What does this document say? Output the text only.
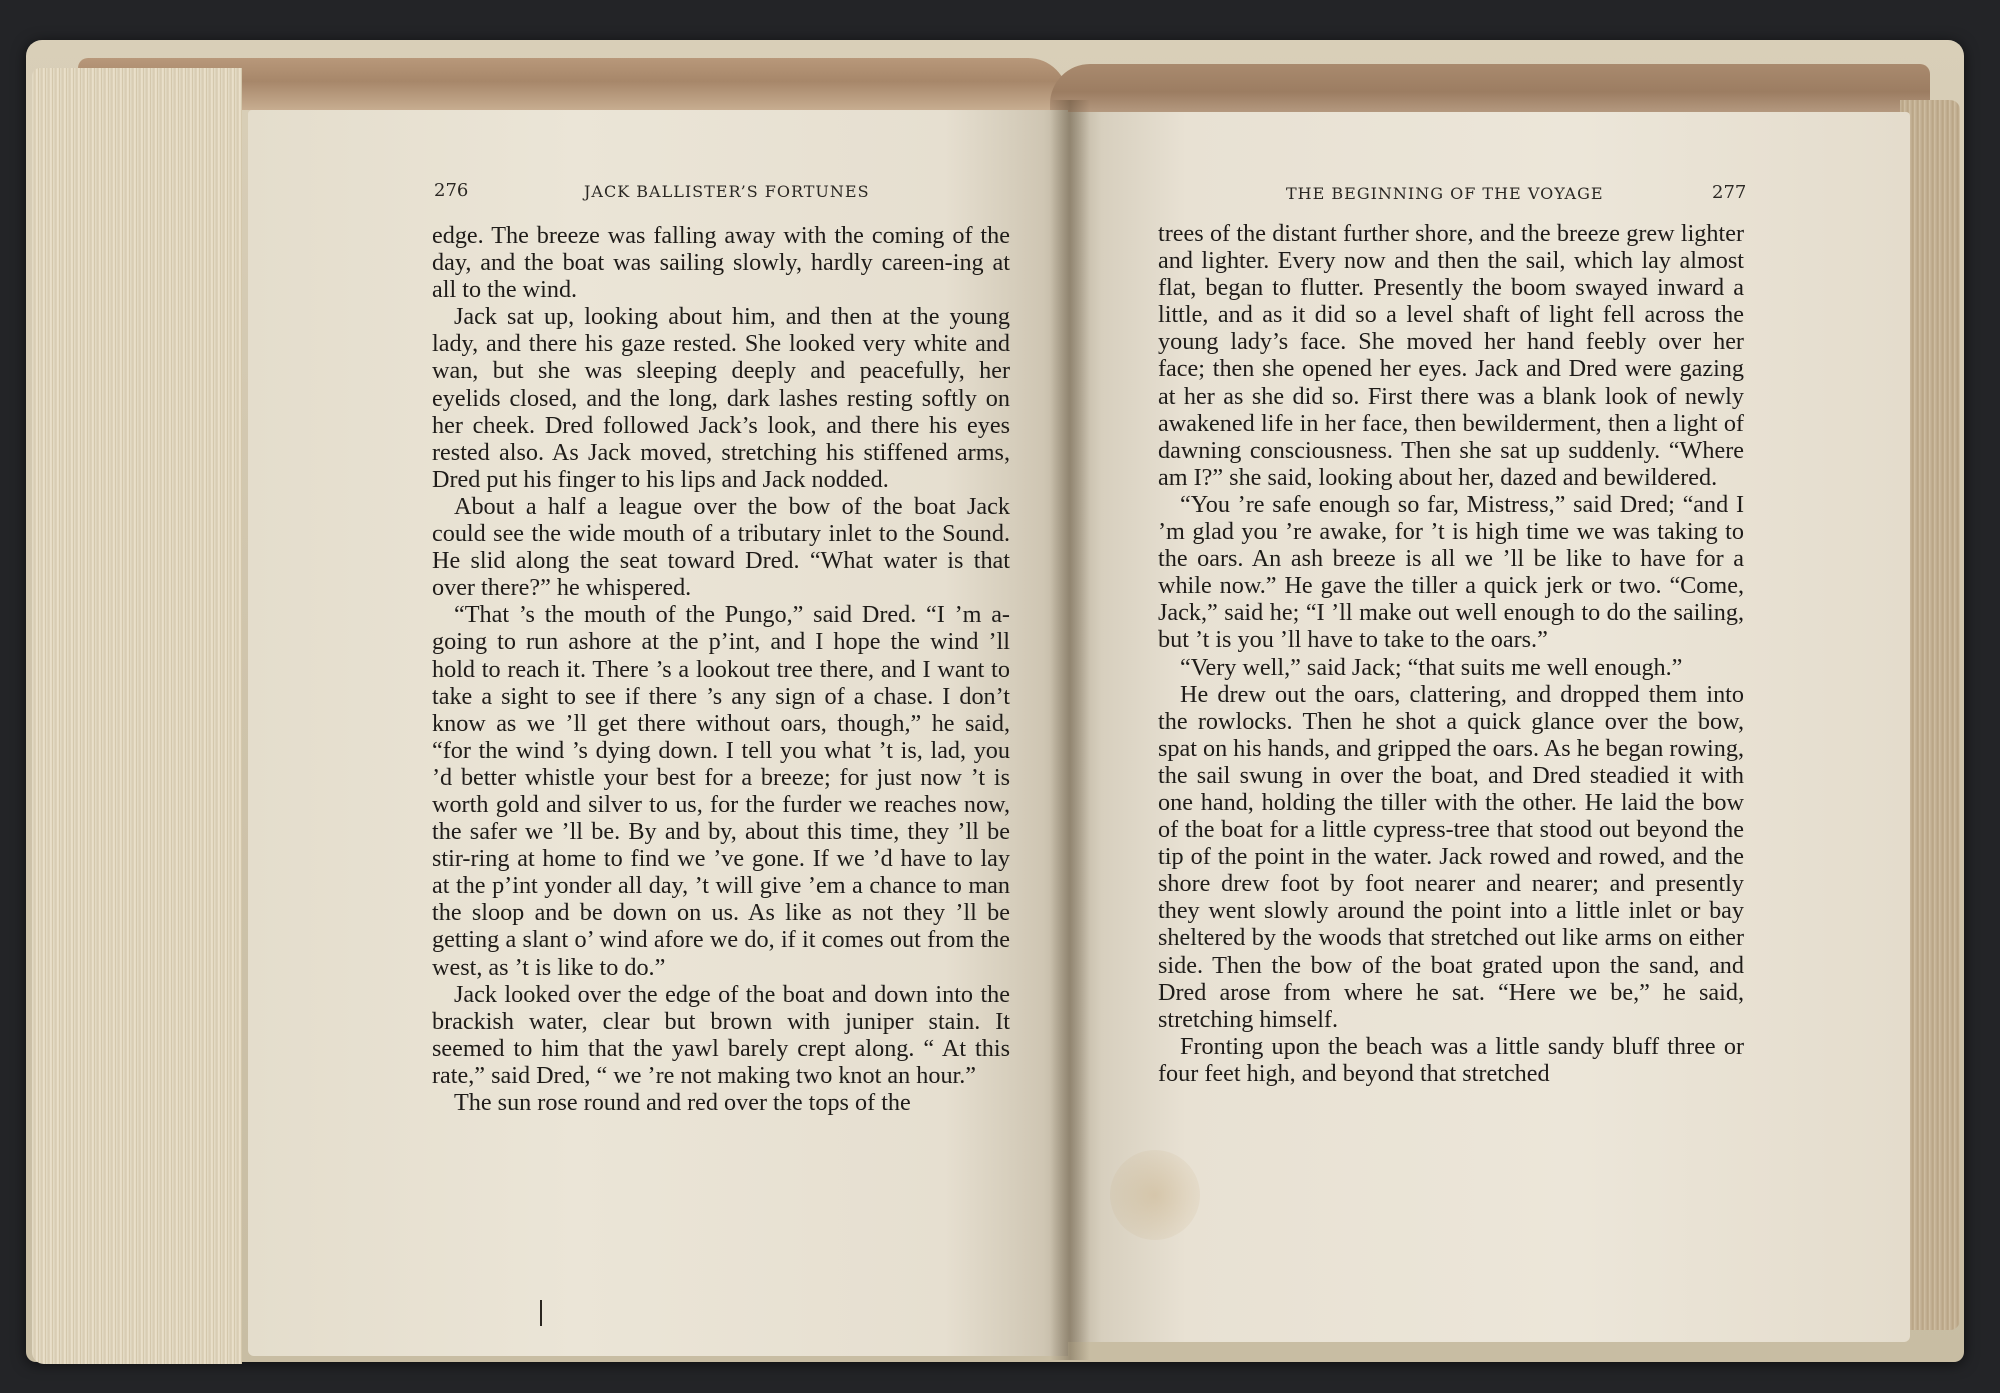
276	JACK BALLISTER’S FORTUNES

edge. The breeze was falling away with the coming of the day, and the boat was sailing slowly, hardly careen-ing at all to the wind.

Jack sat up, looking about him, and then at the young lady, and there his gaze rested. She looked very white and wan, but she was sleeping deeply and peacefully, her eyelids closed, and the long, dark lashes resting softly on her cheek. Dred followed Jack’s look, and there his eyes rested also. As Jack moved, stretching his stiffened arms, Dred put his finger to his lips and Jack nodded.

About a half a league over the bow of the boat Jack could see the wide mouth of a tributary inlet to the Sound. He slid along the seat toward Dred. “What water is that over there?” he whispered.

“That ’s the mouth of the Pungo,” said Dred. “I ’m a-going to run ashore at the p’int, and I hope the wind ’ll hold to reach it. There ’s a lookout tree there, and I want to take a sight to see if there ’s any sign of a chase. I don’t know as we ’ll get there without oars, though,” he said, “for the wind ’s dying down. I tell you what ’t is, lad, you ’d better whistle your best for a breeze; for just now ’t is worth gold and silver to us, for the furder we reaches now, the safer we ’ll be. By and by, about this time, they ’ll be stir-ring at home to find we ’ve gone. If we ’d have to lay at the p’int yonder all day, ’t will give ’em a chance to man the sloop and be down on us. As like as not they ’ll be getting a slant o’ wind afore we do, if it comes out from the west, as ’t is like to do.”

Jack looked over the edge of the boat and down into the brackish water, clear but brown with juniper stain. It seemed to him that the yawl barely crept along. “ At this rate,” said Dred, “ we ’re not making two knot an hour.”

The sun rose round and red over the tops of the

THE BEGINNING OF THE VOYAGE	277

trees of the distant further shore, and the breeze grew lighter and lighter. Every now and then the sail, which lay almost flat, began to flutter. Presently the boom swayed inward a little, and as it did so a level shaft of light fell across the young lady’s face. She moved her hand feebly over her face; then she opened her eyes. Jack and Dred were gazing at her as she did so. First there was a blank look of newly awakened life in her face, then bewilderment, then a light of dawning consciousness. Then she sat up suddenly. “Where am I?” she said, looking about her, dazed and bewildered.

“You ’re safe enough so far, Mistress,” said Dred; “and I ’m glad you ’re awake, for ’t is high time we was taking to the oars. An ash breeze is all we ’ll be like to have for a while now.” He gave the tiller a quick jerk or two. “Come, Jack,” said he; “I ’ll make out well enough to do the sailing, but ’t is you ’ll have to take to the oars.”

“Very well,” said Jack; “that suits me well enough.”

He drew out the oars, clattering, and dropped them into the rowlocks. Then he shot a quick glance over the bow, spat on his hands, and gripped the oars. As he began rowing, the sail swung in over the boat, and Dred steadied it with one hand, holding the tiller with the other. He laid the bow of the boat for a little cypress-tree that stood out beyond the tip of the point in the water. Jack rowed and rowed, and the shore drew foot by foot nearer and nearer; and presently they went slowly around the point into a little inlet or bay sheltered by the woods that stretched out like arms on either side. Then the bow of the boat grated upon the sand, and Dred arose from where he sat. “Here we be,” he said, stretching himself.

Fronting upon the beach was a little sandy bluff three or four feet high, and beyond that stretched
